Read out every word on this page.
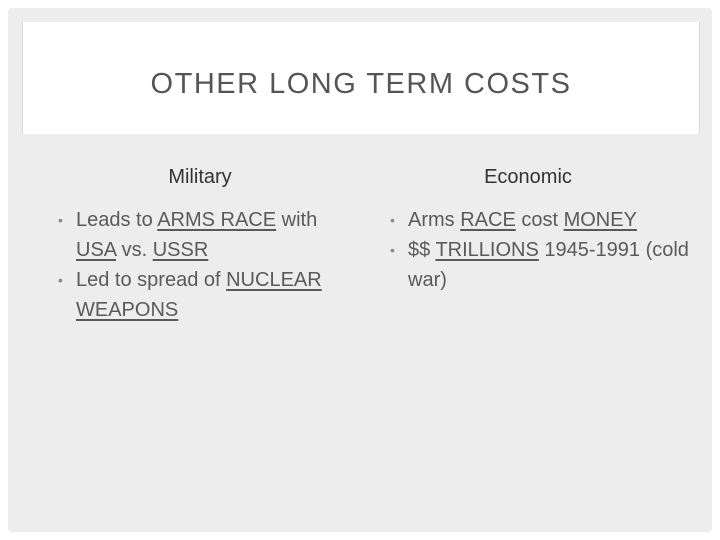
OTHER LONG TERM COSTS
Military	Economic
• Leads to ARMS RACE with USA vs. USSR
• Led to spread of NUCLEAR WEAPONS
• Arms RACE cost MONEY
• $$ TRILLIONS 1945-1991 (cold war)
